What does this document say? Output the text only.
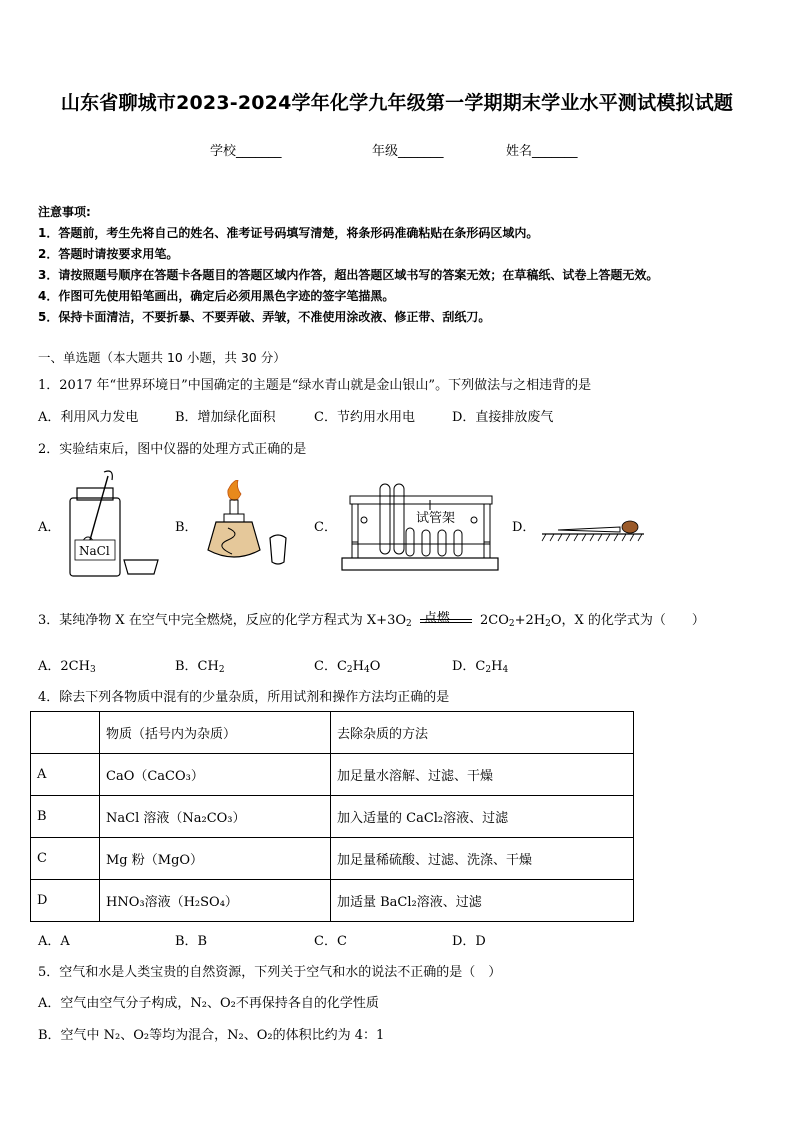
山东省聊城市2023-2024学年化学九年级第一学期期末学业水平测试模拟试题
学校_______	年级_______	姓名_______
注意事项:
1．答题前，考生先将自己的姓名、准考证号码填写清楚，将条形码准确粘贴在条形码区域内。
2．答题时请按要求用笔。
3．请按照题号顺序在答题卡各题目的答题区域内作答，超出答题区域书写的答案无效；在草稿纸、试卷上答题无效。
4．作图可先使用铅笔画出，确定后必须用黑色字迹的签字笔描黑。
5．保持卡面清洁，不要折暴、不要弄破、弄皱，不准使用涂改液、修正带、刮纸刀。
一、单选题（本大题共 10 小题，共 30 分）
1．2017 年“世界环境日”中国确定的主题是“绿水青山就是金山银山”。下列做法与之相违背的是
A．利用风力发电	B．增加绿化面积	C．节约用水用电	D．直接排放废气
2．实验结束后，图中仪器的处理方式正确的是
A．
NaCl
B．	C．
试管架
D．
3．某纯净物 X 在空气中完全燃烧，反应的化学方程式为 $X+3O_2$ 点燃 $2CO_2+2H_2O$，X 的化学式为（　　）
A．$2CH_3$	B．$CH_2$	C．$C_2H_4O$	D．$C_2H_4$
4．除去下列各物质中混有的少量杂质，所用试剂和操作方法均正确的是
	物质（括号内为杂质）	去除杂质的方法
A	CaO（CaCO₃）	加足量水溶解、过滤、干燥
B	NaCl 溶液（Na₂CO₃）	加入适量的 CaCl₂溶液、过滤
C	Mg 粉（MgO）	加足量稀硫酸、过滤、洗涤、干燥
D	HNO₃溶液（H₂SO₄）	加适量 BaCl₂溶液、过滤
A．A	B．B	C．C	D．D
5．空气和水是人类宝贵的自然资源，下列关于空气和水的说法不正确的是（　）
A．空气由空气分子构成，N₂、O₂不再保持各自的化学性质
B．空气中 N₂、O₂等均为混合，N₂、O₂的体积比约为 4：1
